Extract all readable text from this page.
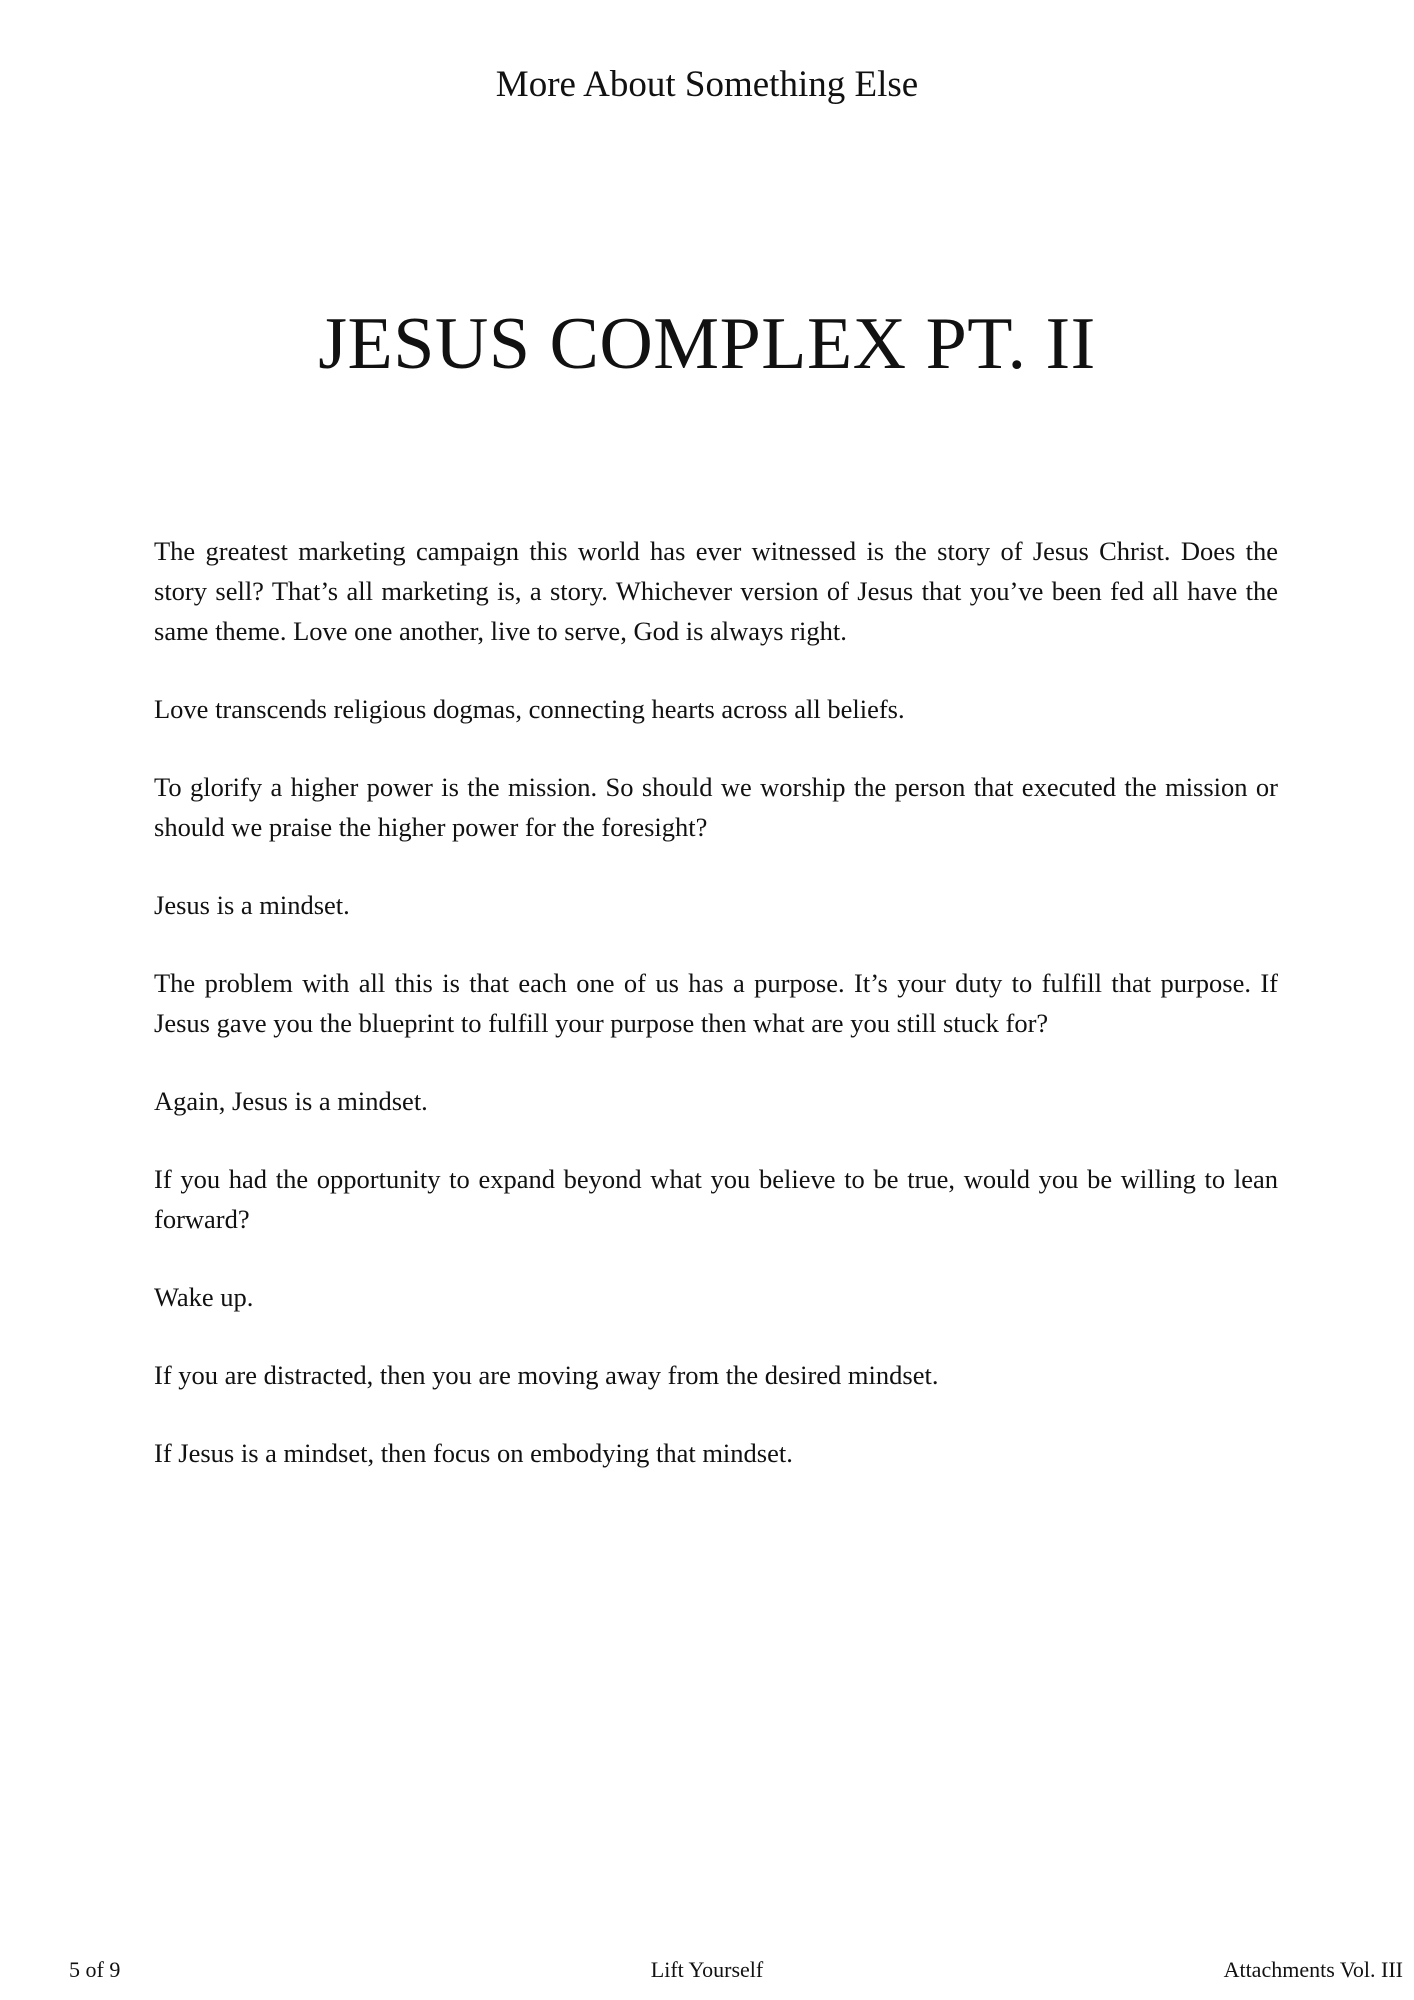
More About Something Else
JESUS COMPLEX PT. II

The greatest marketing campaign this world has ever witnessed is the story of Jesus Christ. Does the story sell? That’s all marketing is, a story. Whichever version of Jesus that you’ve been fed all have the same theme. Love one another, live to serve, God is always right.

Love transcends religious dogmas, connecting hearts across all beliefs.

To glorify a higher power is the mission. So should we worship the person that executed the mission or should we praise the higher power for the foresight?

Jesus is a mindset.

The problem with all this is that each one of us has a purpose. It’s your duty to fulfill that purpose. If Jesus gave you the blueprint to fulfill your purpose then what are you still stuck for?

Again, Jesus is a mindset.

If you had the opportunity to expand beyond what you believe to be true, would you be willing to lean forward?

Wake up.

If you are distracted, then you are moving away from the desired mindset.

If Jesus is a mindset, then focus on embodying that mindset.

5 of 9	Lift Yourself	Attachments Vol. III
